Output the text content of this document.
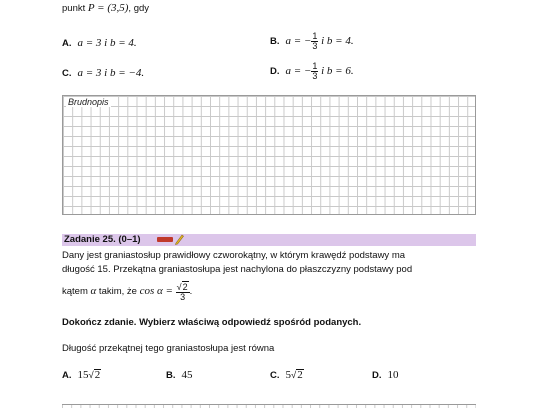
punkt P = (3,5), gdy
A. a = 3 i b = 4.	B. a = − $\frac{1}{3}$ i b = 4.
C. a = 3 i b = −4.	D. a = − $\frac{1}{3}$ i b = 6.
Brudnopis
Zadanie 25. (0–1)
Dany jest graniastosłup prawidłowy czworokątny, w którym krawędź podstawy ma
długość 15. Przekątna graniastosłupa jest nachylona do płaszczyzny podstawy pod
kątem α takim, że $\cos \alpha = \frac{√2}{3}$ .
Dokończ zdanie. Wybierz właściwą odpowiedź spośród podanych.
Długość przekątnej tego graniastosłupa jest równa
A. 15√2	B. 45	C. 5√2	D. 10
